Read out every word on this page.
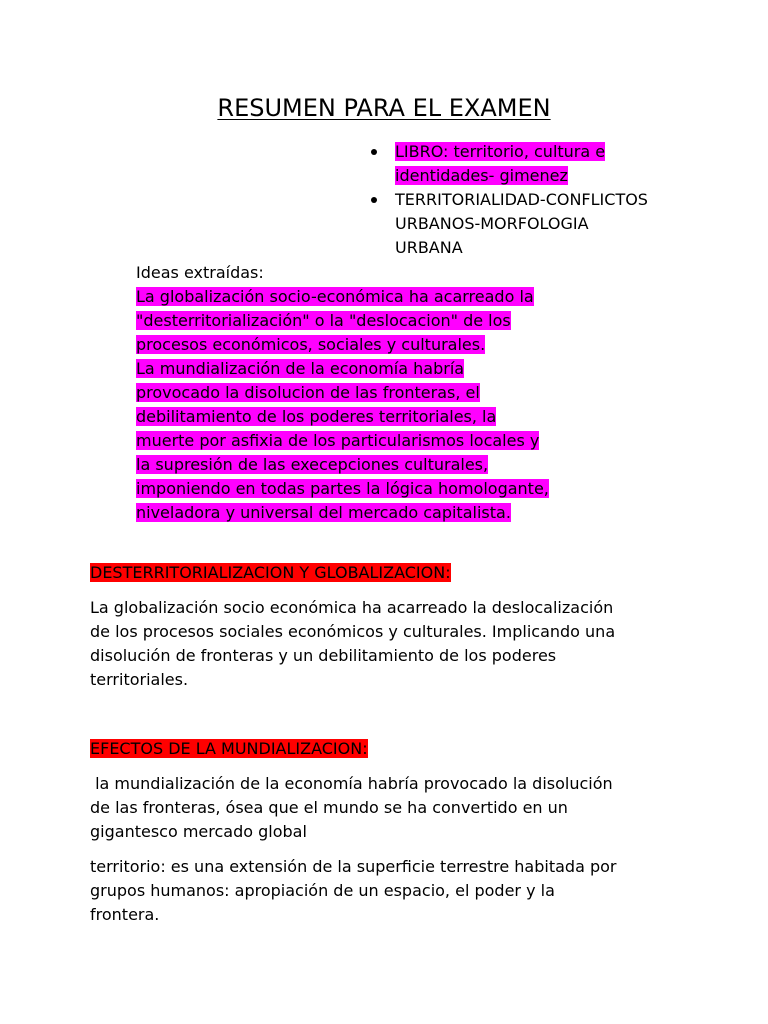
RESUMEN PARA EL EXAMEN
LIBRO: territorio, cultura e
identidades- gimenez
TERRITORIALIDAD-CONFLICTOS
URBANOS-MORFOLOGIA
URBANA
Ideas extraídas:
La globalización socio-económica ha acarreado la
"desterritorialización" o la "deslocacion" de los
procesos económicos, sociales y culturales.
La mundialización de la economía habría
provocado la disolucion de las fronteras, el
debilitamiento de los poderes territoriales, la
muerte por asfixia de los particularismos locales y
la supresión de las execepciones culturales,
imponiendo en todas partes la lógica homologante,
niveladora y universal del mercado capitalista.
DESTERRITORIALIZACION Y GLOBALIZACION:
La globalización socio económica ha acarreado la deslocalización
de los procesos sociales económicos y culturales. Implicando una
disolución de fronteras y un debilitamiento de los poderes
territoriales.
EFECTOS DE LA MUNDIALIZACION:
la mundialización de la economía habría provocado la disolución
de las fronteras, ósea que el mundo se ha convertido en un
gigantesco mercado global
territorio: es una extensión de la superficie terrestre habitada por
grupos humanos: apropiación de un espacio, el poder y la
frontera.
